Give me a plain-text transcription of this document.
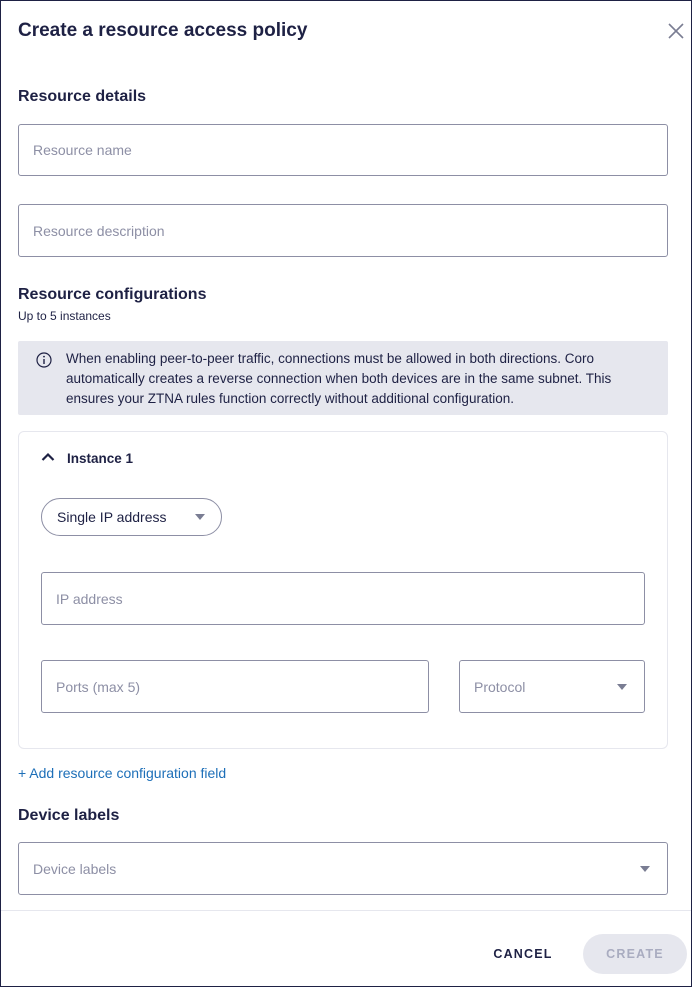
Create a resource access policy
Resource details
Resource name
Resource description
Resource configurations
Up to 5 instances
When enabling peer-to-peer traffic, connections must be allowed in both directions. Coro automatically creates a reverse connection when both devices are in the same subnet. This ensures your ZTNA rules function correctly without additional configuration.
Instance 1
Single IP address
IP address
Ports (max 5)
Protocol
+ Add resource configuration field
Device labels
Device labels
CANCEL	CREATE
